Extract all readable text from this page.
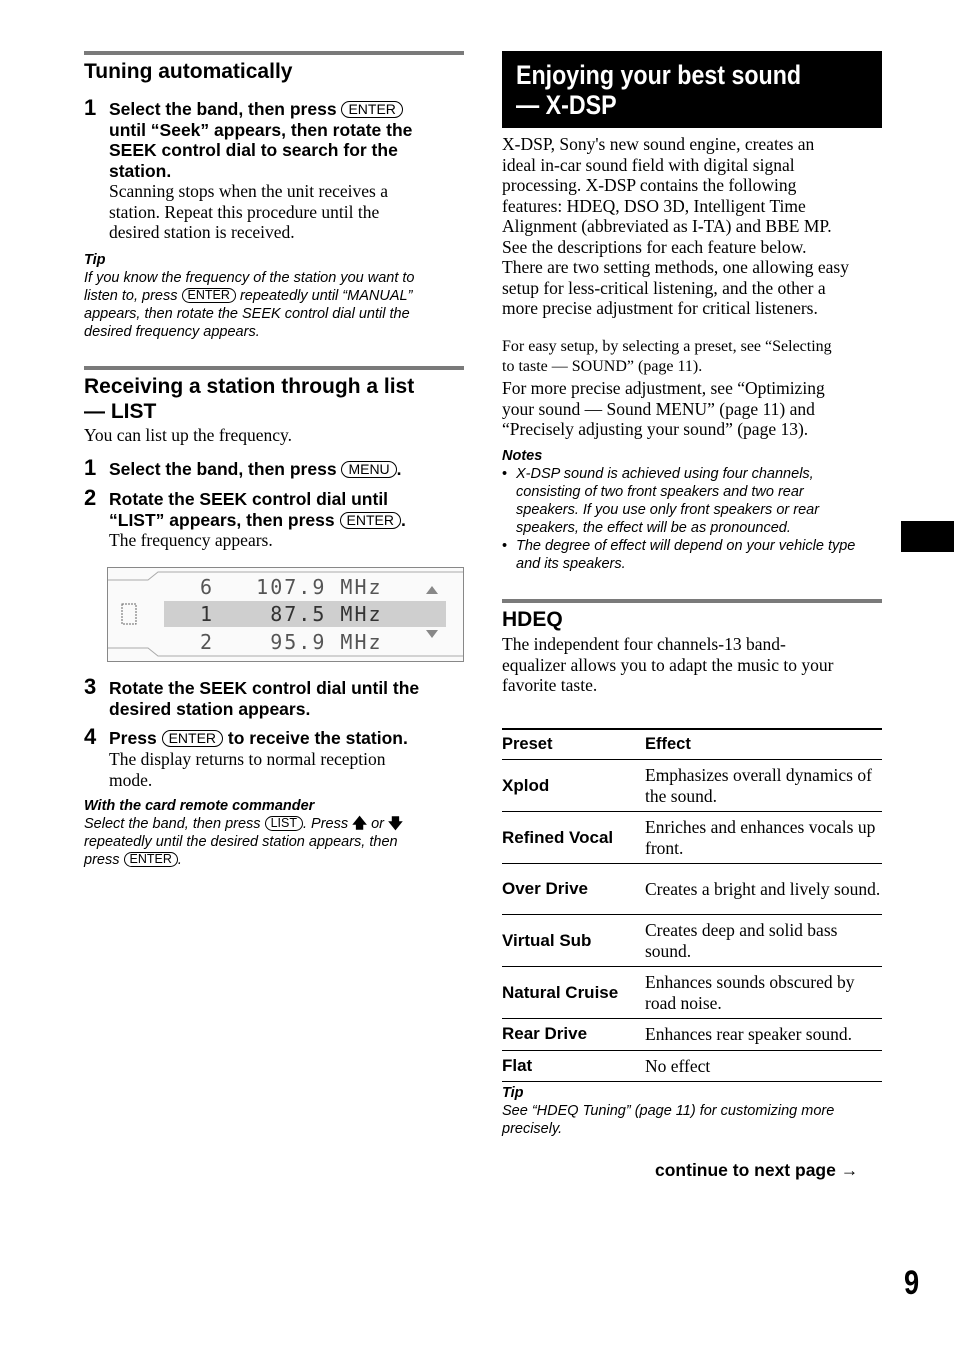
Tuning automatically
1 Select the band, then press ENTER
until “Seek” appears, then rotate the
SEEK control dial to search for the
station.
Scanning stops when the unit receives a
station. Repeat this procedure until the
desired station is received.
Tip
If you know the frequency of the station you want to
listen to, press ENTER repeatedly until “MANUAL”
appears, then rotate the SEEK control dial until the
desired frequency appears.
Receiving a station through a list
— LIST
You can list up the frequency.
1 Select the band, then press MENU .
2 Rotate the SEEK control dial until
“LIST” appears, then press ENTER .
The frequency appears.
6   107.9 MHz
1    87.5 MHz
2    95.9 MHz
3 Rotate the SEEK control dial until the
desired station appears.
4 Press ENTER to receive the station.
The display returns to normal reception
mode.
With the card remote commander
Select the band, then press LIST . Press 🡅 or 🡇
repeatedly until the desired station appears, then
press ENTER .
Enjoying your best sound
— X-DSP
X-DSP, Sony's new sound engine, creates an
ideal in-car sound field with digital signal
processing. X-DSP contains the following
features: HDEQ, DSO 3D, Intelligent Time
Alignment (abbreviated as I-TA) and BBE MP.
See the descriptions for each feature below.
There are two setting methods, one allowing easy
setup for less-critical listening, and the other a
more precise adjustment for critical listeners.
For easy setup, by selecting a preset, see “Selecting
to taste — SOUND” (page 11).
For more precise adjustment, see “Optimizing
your sound — Sound MENU” (page 11) and
“Precisely adjusting your sound” (page 13).
Notes
• X-DSP sound is achieved using four channels,
consisting of two front speakers and two rear
speakers. If you use only front speakers or rear
speakers, the effect will be as pronounced.
• The degree of effect will depend on your vehicle type
and its speakers.
HDEQ
The independent four channels-13 band-
equalizer allows you to adapt the music to your
favorite taste.
Preset	Effect
Xplod	Emphasizes overall dynamics of the sound.
Refined Vocal	Enriches and enhances vocals up front.
Over Drive	Creates a bright and lively sound.
Virtual Sub	Creates deep and solid bass sound.
Natural Cruise	Enhances sounds obscured by road noise.
Rear Drive	Enhances rear speaker sound.
Flat	No effect
Tip
See “HDEQ Tuning” (page 11) for customizing more
precisely.
continue to next page →
9
